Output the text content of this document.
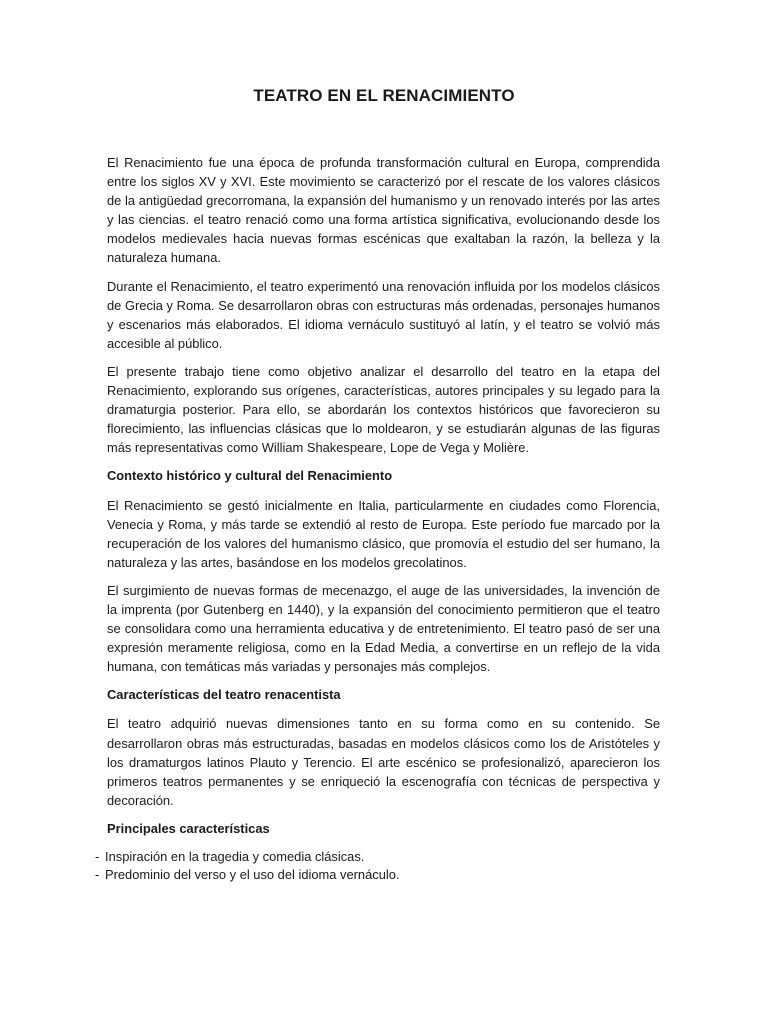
TEATRO EN EL RENACIMIENTO

El Renacimiento fue una época de profunda transformación cultural en Europa, comprendida entre los siglos XV y XVI. Este movimiento se caracterizó por el rescate de los valores clásicos de la antigüedad grecorromana, la expansión del humanismo y un renovado interés por las artes y las ciencias. el teatro renació como una forma artística significativa, evolucionando desde los modelos medievales hacia nuevas formas escénicas que exaltaban la razón, la belleza y la naturaleza humana.

Durante el Renacimiento, el teatro experimentó una renovación influida por los modelos clásicos de Grecia y Roma. Se desarrollaron obras con estructuras más ordenadas, personajes humanos y escenarios más elaborados. El idioma vernáculo sustituyó al latín, y el teatro se volvió más accesible al público.

El presente trabajo tiene como objetivo analizar el desarrollo del teatro en la etapa del Renacimiento, explorando sus orígenes, características, autores principales y su legado para la dramaturgia posterior. Para ello, se abordarán los contextos históricos que favorecieron su florecimiento, las influencias clásicas que lo moldearon, y se estudiarán algunas de las figuras más representativas como William Shakespeare, Lope de Vega y Molière.

Contexto histórico y cultural del Renacimiento

El Renacimiento se gestó inicialmente en Italia, particularmente en ciudades como Florencia, Venecia y Roma, y más tarde se extendió al resto de Europa. Este período fue marcado por la recuperación de los valores del humanismo clásico, que promovía el estudio del ser humano, la naturaleza y las artes, basándose en los modelos grecolatinos.

El surgimiento de nuevas formas de mecenazgo, el auge de las universidades, la invención de la imprenta (por Gutenberg en 1440), y la expansión del conocimiento permitieron que el teatro se consolidara como una herramienta educativa y de entretenimiento. El teatro pasó de ser una expresión meramente religiosa, como en la Edad Media, a convertirse en un reflejo de la vida humana, con temáticas más variadas y personajes más complejos.

Características del teatro renacentista

El teatro adquirió nuevas dimensiones tanto en su forma como en su contenido. Se desarrollaron obras más estructuradas, basadas en modelos clásicos como los de Aristóteles y los dramaturgos latinos Plauto y Terencio. El arte escénico se profesionalizó, aparecieron los primeros teatros permanentes y se enriqueció la escenografía con técnicas de perspectiva y decoración.

Principales características
- Inspiración en la tragedia y comedia clásicas.
- Predominio del verso y el uso del idioma vernáculo.
